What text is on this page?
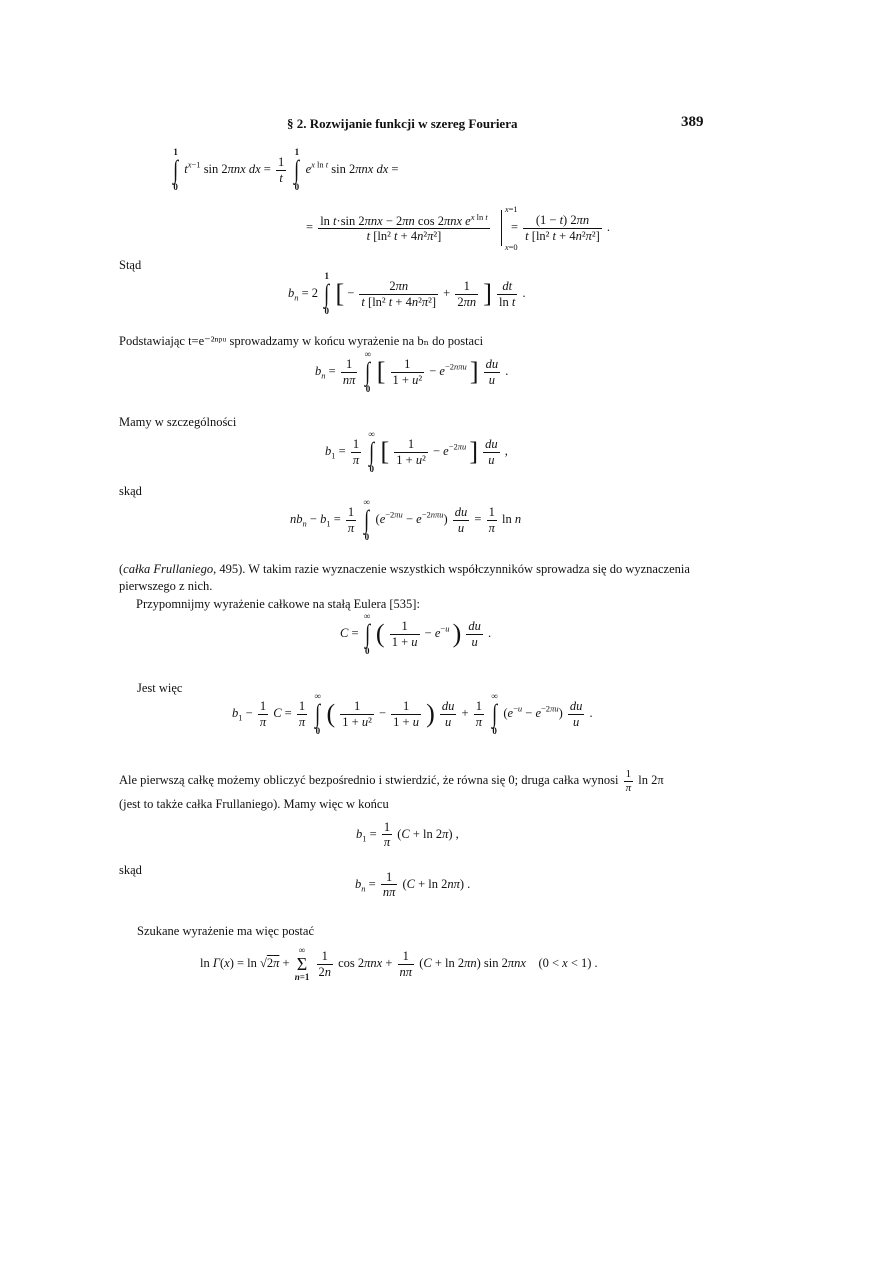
§ 2. Rozwijanie funkcji w szereg Fouriera	389
1
∫
0
$t^{x-1}$ sin 2πnx dx = $\frac{1}{t}$

1
∫
0
$e^{x ln t}$ sin 2πnx dx =
= $\frac{\ln t\cdot\sin 2\pi nx - 2\pi n \cos 2\pi nx e^{x ln t}}{\text{t [ln² t + 4n²π²]}}$

x=1
x=0
= $\frac{(1 - t) 2\pi n}{\text{t [ln² t + 4n²π²]}}$ .
Stąd
$b_n = 2$
1
∫
0
[ − $\frac{2\pi n}{\text{t [ln² t + 4n²π²]}} + \frac{1}{2\pi n}$ ] $\frac{dt}{\text{ln t}}$ .
Podstawiając t=e⁻²ⁿᵖᵘ sprowadzamy w końcu wyrażenie na bₙ do postaci
$b_n = \frac{1}{n\pi}$

∞
∫
0
[ $\frac{1}{\text{1 + u²}} - e^{-2n\pi u}$ ] $\frac{du}{u}$ .
Mamy w szczególności
$b_1 = \frac{1}{\pi}$

∞
∫
0
[ $\frac{1}{\text{1 + u²}} - e^{-2\pi u}$ ] $\frac{du}{u}$ ,
skąd
$nb_n - b_1 = \frac{1}{\pi}$

∞
∫
0
$(e^{-2\pi u} - e^{-2n\pi u}) \frac{du}{u} = \frac{1}{\pi}$ ln n
(całka Frullaniego, 495). W takim razie wyznaczenie wszystkich współczynników sprowadza się do wyznaczenia pierwszego z nich.
Przypomnijmy wyrażenie całkowe na stałą Eulera [535]:
C =
∞
∫
0
( $\frac{1}{1 + u} - e^{-u}$ ) $\frac{du}{u}$ .
Jest więc
$b_1 - \frac{1}{\pi}$ $C = \frac{1}{\pi}$

∞
∫
0
( $\frac{1}{\text{1 + u²}} - \frac{1}{1 + u}$ ) $\frac{du}{u} + \frac{1}{\pi}$

∞
∫
0
$(e^{-u} - e^{-2\pi u}) \frac{du}{u}$ .
Ale pierwszą całkę możemy obliczyć bezpośrednio i stwierdzić, że równa się 0; druga całka wynosi $\frac{1}{\pi}$ ln 2π
(jest to także całka Frullaniego). Mamy więc w końcu
$b_1 = \frac{1}{\pi} (C + \ln 2\pi)$ ,
skąd
$b_n = \frac{1}{n\pi} (C + \ln 2n\pi)$ .
Szukane wyrażenie ma więc postać
ln Γ(x) = ln √2π +
∞
Σ
n=1
$\frac{1}{2n}$ $\cos 2\pi nx + \frac{1}{n\pi} (C + \ln 2\pi n)$ sin 2πnx    (0 < x < 1) .
